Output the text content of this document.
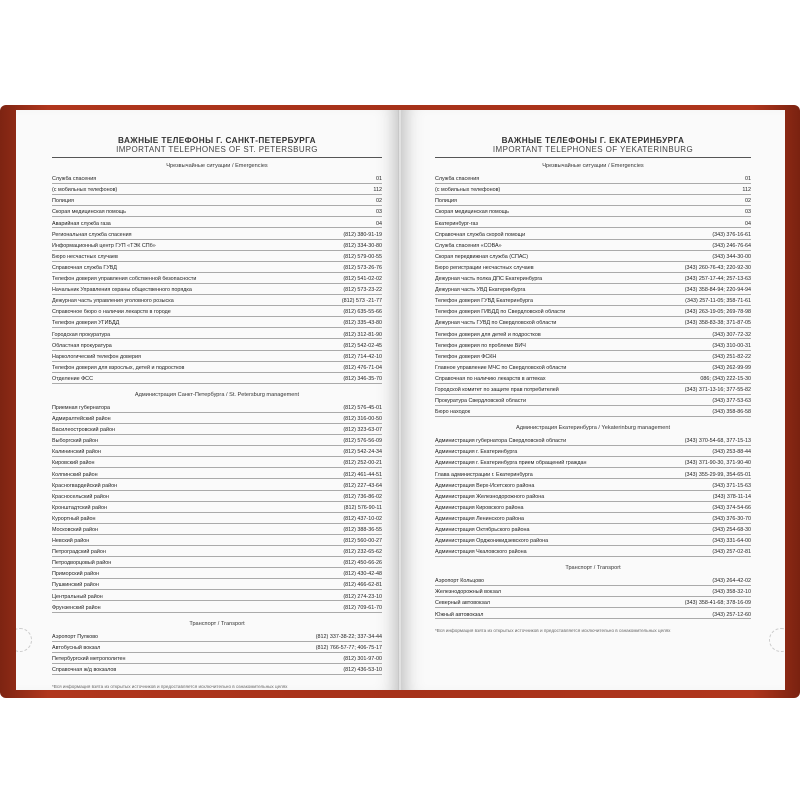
ВАЖНЫЕ ТЕЛЕФОНЫ Г. САНКТ-ПЕТЕРБУРГА
IMPORTANT TELEPHONES OF ST. PETERSBURG
Чрезвычайные ситуации / Emergencies
Служба спасения	01
(с мобильных телефонов)	112
Полиция	02
Скорая медицинская помощь	03
Аварийная служба газа	04
Региональная служба спасения	(812) 380-91-19
Информационный центр ГУП «ТЭК СПб»	(812) 334-30-80
Бюро несчастных случаев	(812) 579-00-55
Справочная служба ГУВД	(812) 573-26-76
Телефон доверия управления собственной безопасности	(812) 541-02-02
Начальник Управления охраны общественного порядка	(812) 573-23-22
Дежурная часть управления уголовного розыска	(812) 573 -21-77
Справочное бюро о наличии лекарств в городе	(812) 635-55-66
Телефон доверия УГИБДД	(812) 335-43-80
Городская прокуратура	(812) 312-81-90
Областная прокуратура	(812) 542-02-45
Наркологический телефон доверия	(812) 714-42-10
Телефон доверия для взрослых, детей и подростков	(812) 476-71-04
Отделение ФСС	(812) 346-35-70
Администрация Санкт-Петербурга / St. Petersburg management
Приемная губернатора	(812) 576-45-01
Адмиралтейский район	(812) 316-00-50
Василеостровский район	(812) 323-63-07
Выборгский район	(812) 576-56-09
Калининский район	(812) 542-24-34
Кировский район	(812) 252-00-21
Колпинский район	(812) 461-44-51
Красногвардейский район	(812) 227-43-64
Красносельский район	(812) 736-86-02
Кронштадтский район	(812) 576-90-11
Курортный район	(812) 437-10-02
Московский район	(812) 388-36-55
Невский район	(812) 560-00-27
Петроградский район	(812) 232-65-62
Петродворцовый район	(812) 450-66-26
Приморский район	(812) 430-42-48
Пушкинский район	(812) 466-62-81
Центральный район	(812) 274-23-10
Фрунзенский район	(812) 709-61-70
Транспорт / Transport
Аэропорт Пулково	(812) 337-38-22; 337-34-44
Автобусный вокзал	(812) 766-57-77; 406-75-17
Петербургский метрополитен	(812) 301-97-00
Справочная ж/д вокзалов	(812) 436-53-10
*Вся информация взята из открытых источников и предоставляется исключительно в ознакомительных целях
ВАЖНЫЕ ТЕЛЕФОНЫ Г. ЕКАТЕРИНБУРГА
IMPORTANT TELEPHONES OF YEKATERINBURG
Чрезвычайные ситуации / Emergencies
Служба спасения	01
(с мобильных телефонов)	112
Полиция	02
Скорая медицинская помощь	03
Екатеринбург-газ	04
Справочная служба скорой помощи	(343) 376-16-61
Служба спасения «СОВА»	(343) 246-76-64
Скорая передвижная служба (СПАС)	(343) 344-30-00
Бюро регистрации несчастных случаев	(343) 260-76-43; 220-92-30
Дежурная часть полка ДПС Екатеринбурга	(343) 257-17-44; 257-13-63
Дежурная часть УВД Екатеринбурга	(343) 358-84-94; 220-94-94
Телефон доверия ГУВД Екатеринбурга	(343) 257-11-05; 358-71-61
Телефон доверия ГИБДД по Свердловской области	(343) 263-19-05; 269-78-98
Дежурная часть ГУВД по Свердловской области	(343) 358-83-38; 371-87-05
Телефон доверия для детей и подростков	(343) 307-72-32
Телефон доверия по проблеме ВИЧ	(343) 310-00-31
Телефон доверия ФСКН	(343) 251-82-22
Главное управление МЧС по Свердловской области	(343) 262-99-99
Справочная по наличию лекарств в аптеках	086; (343) 222-15-30
Городской комитет по защите прав потребителей	(343) 371-13-16; 377-55-82
Прокуратура Свердловской области	(343) 377-53-63
Бюро находок	(343) 358-86-58
Администрация Екатеринбурга / Yekaterinburg management
Администрация губернатора Свердловской области	(343) 370-54-68, 377-15-13
Администрация г. Екатеринбурга	(343) 253-88-44
Администрация г. Екатеринбурга прием обращений граждан	(343) 371-90-30, 371-90-40
Глава администрации г. Екатеринбурга	(343) 355-29-99, 354-65-01
Администрация Верх-Исетского района	(343) 371-15-63
Администрация Железнодорожного района	(343) 378-11-14
Администрация Кировского района	(343) 374-54-66
Администрация Ленинского района	(343) 376-30-70
Администрация Октябрьского района	(343) 254-68-30
Администрация Орджоникидзевского района	(343) 331-64-00
Администрация Чкаловского района	(343) 257-02-81
Транспорт / Transport
Аэропорт Кольцово	(343) 264-42-02
Железнодорожный вокзал	(343) 358-32-10
Северный автовокзал	(343) 358-41-68; 378-16-09
Южный автовокзал	(343) 257-12-60
*Вся информация взята из открытых источников и предоставляется исключительно в ознакомительных целях
